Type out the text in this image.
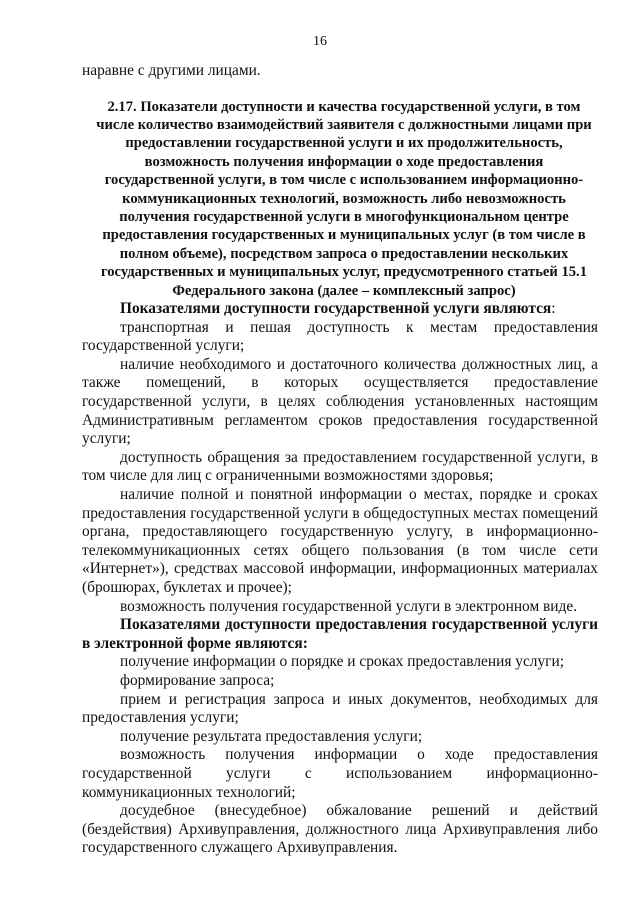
16

наравне с другими лицами.

2.17. Показатели доступности и качества государственной услуги, в том числе количество взаимодействий заявителя с должностными лицами при предоставлении государственной услуги и их продолжительность, возможность получения информации о ходе предоставления государственной услуги, в том числе с использованием информационно-коммуникационных технологий, возможность либо невозможность получения государственной услуги в многофункциональном центре предоставления государственных и муниципальных услуг (в том числе в полном объеме), посредством запроса о предоставлении нескольких государственных и муниципальных услуг, предусмотренного статьей 15.1 Федерального закона (далее – комплексный запрос)

Показателями доступности государственной услуги являются:

транспортная и пешая доступность к местам предоставления государственной услуги;

наличие необходимого и достаточного количества должностных лиц, а также помещений, в которых осуществляется предоставление государственной услуги, в целях соблюдения установленных настоящим Административным регламентом сроков предоставления государственной услуги;

доступность обращения за предоставлением государственной услуги, в том числе для лиц с ограниченными возможностями здоровья;

наличие полной и понятной информации о местах, порядке и сроках предоставления государственной услуги в общедоступных местах помещений органа, предоставляющего государственную услугу, в информационно-телекоммуникационных сетях общего пользования (в том числе сети «Интернет»), средствах массовой информации, информационных материалах (брошюрах, буклетах и прочее);

возможность получения государственной услуги в электронном виде.

Показателями доступности предоставления государственной услуги в электронной форме являются:

получение информации о порядке и сроках предоставления услуги;

формирование запроса;

прием и регистрация запроса и иных документов, необходимых для предоставления услуги;

получение результата предоставления услуги;

возможность получения информации о ходе предоставления государственной услуги с использованием информационно-коммуникационных технологий;

досудебное (внесудебное) обжалование решений и действий (бездействия) Архивуправления, должностного лица Архивуправления либо государственного служащего Архивуправления.
